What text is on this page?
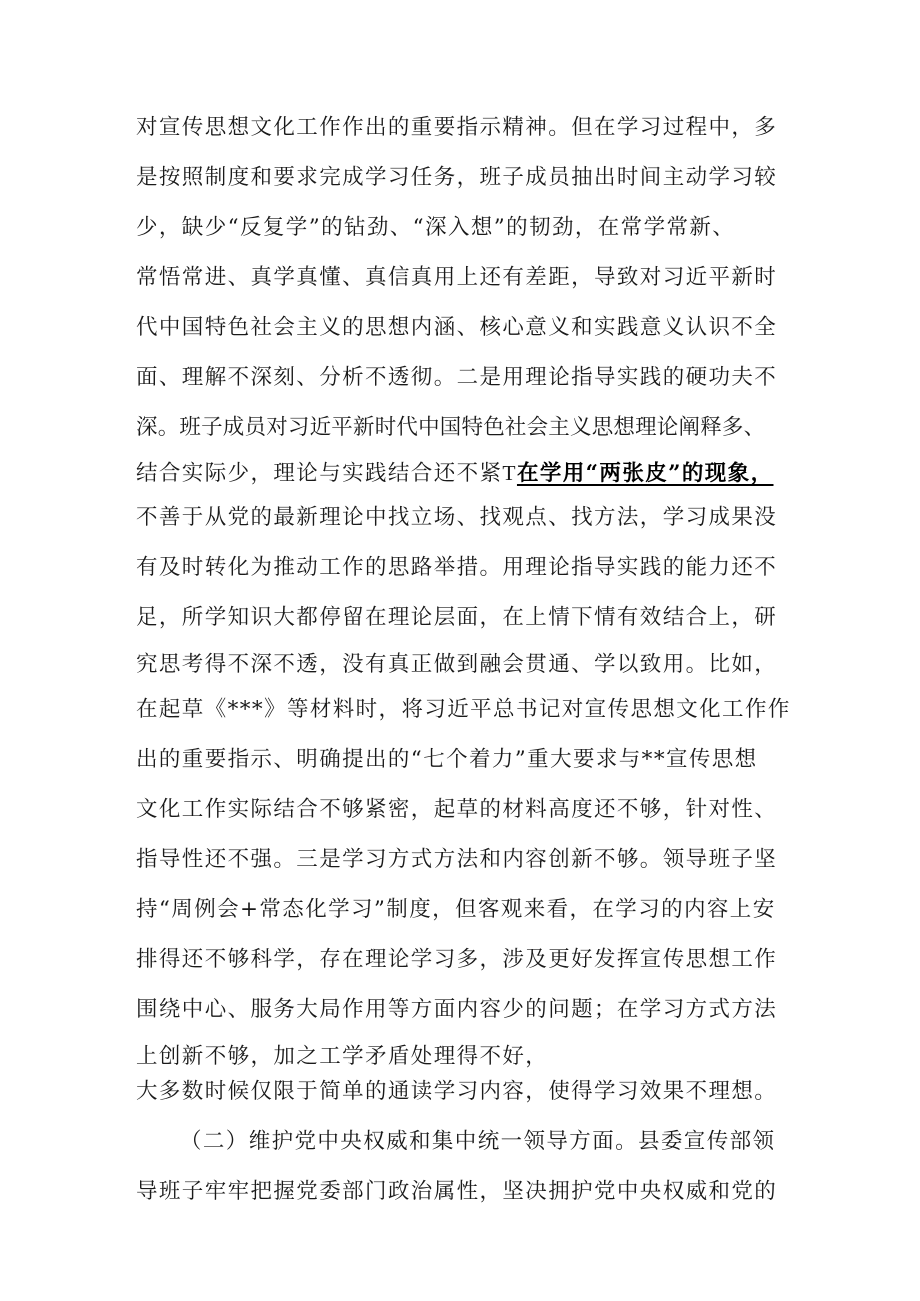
对宣传思想文化工作作出的重要指示精神。但在学习过程中，多
是按照制度和要求完成学习任务，班子成员抽出时间主动学习较
少，缺少“反复学”的钻劲、“深入想”的韧劲，在常学常新、
常悟常进、真学真懂、真信真用上还有差距，导致对习近平新时
代中国特色社会主义的思想内涵、核心意义和实践意义认识不全
面、理解不深刻、分析不透彻。二是用理论指导实践的硬功夫不
深。班子成员对习近平新时代中国特色社会主义思想理论阐释多、
结合实际少，理论与实践结合还不紧T在学用“两张皮”的现象，
不善于从党的最新理论中找立场、找观点、找方法，学习成果没
有及时转化为推动工作的思路举措。用理论指导实践的能力还不
足，所学知识大都停留在理论层面，在上情下情有效结合上，研
究思考得不深不透，没有真正做到融会贯通、学以致用。比如，
在起草《***》等材料时，将习近平总书记对宣传思想文化工作作
出的重要指示、明确提出的“七个着力”重大要求与**宣传思想
文化工作实际结合不够紧密，起草的材料高度还不够，针对性、
指导性还不强。三是学习方式方法和内容创新不够。领导班子坚
持“周例会+常态化学习”制度，但客观来看，在学习的内容上安
排得还不够科学，存在理论学习多，涉及更好发挥宣传思想工作
围绕中心、服务大局作用等方面内容少的问题；在学习方式方法
上创新不够，加之工学矛盾处理得不好，
大多数时候仅限于简单的通读学习内容，使得学习效果不理想。
（二）维护党中央权威和集中统一领导方面。县委宣传部领
导班子牢牢把握党委部门政治属性，坚决拥护党中央权威和党的
